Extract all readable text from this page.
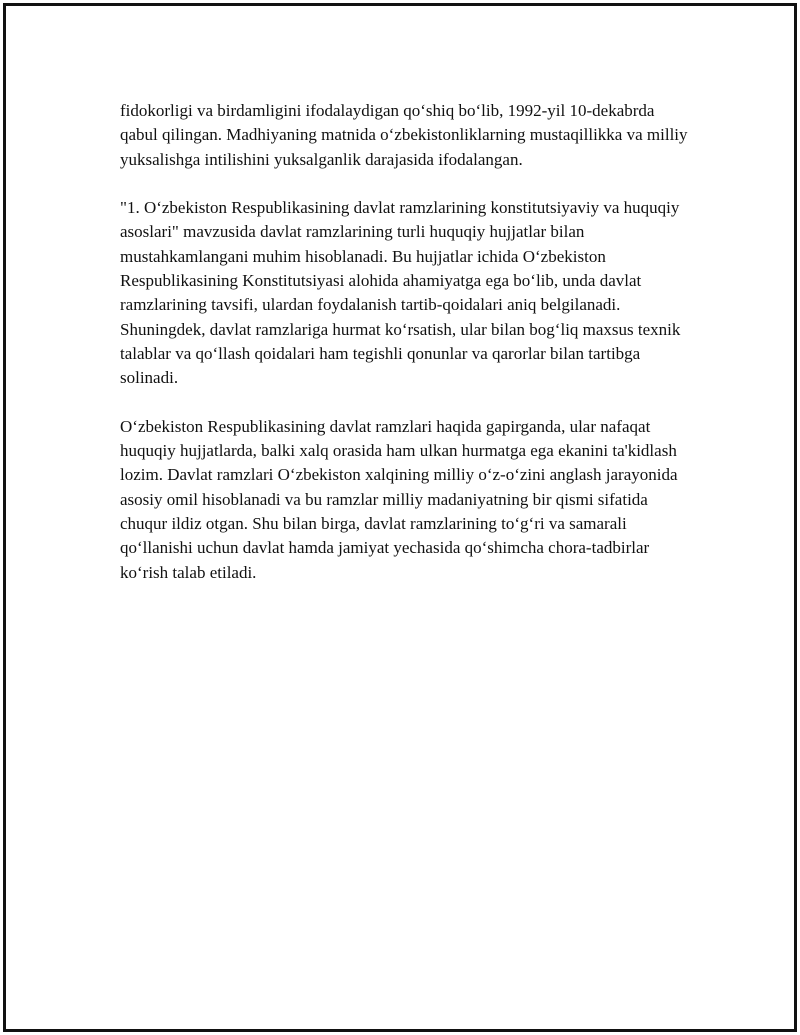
fidokorligi va birdamligini ifodalaydigan qoʻshiq boʻlib, 1992-yil 10-dekabrda qabul qilingan. Madhiyaning matnida oʻzbekistonliklarning mustaqillikka va milliy yuksalishga intilishini yuksalganlik darajasida ifodalangan.

"1. Oʻzbekiston Respublikasining davlat ramzlarining konstitutsiyaviy va huquqiy asoslari" mavzusida davlat ramzlarining turli huquqiy hujjatlar bilan mustahkamlangani muhim hisoblanadi. Bu hujjatlar ichida Oʻzbekiston Respublikasining Konstitutsiyasi alohida ahamiyatga ega boʻlib, unda davlat ramzlarining tavsifi, ulardan foydalanish tartib-qoidalari aniq belgilanadi. Shuningdek, davlat ramzlariga hurmat koʻrsatish, ular bilan bogʻliq maxsus texnik talablar va qoʻllash qoidalari ham tegishli qonunlar va qarorlar bilan tartibga solinadi.

Oʻzbekiston Respublikasining davlat ramzlari haqida gapirganda, ular nafaqat huquqiy hujjatlarda, balki xalq orasida ham ulkan hurmatga ega ekanini ta'kidlash lozim. Davlat ramzlari Oʻzbekiston xalqining milliy oʻz-oʻzini anglash jarayonida asosiy omil hisoblanadi va bu ramzlar milliy madaniyatning bir qismi sifatida chuqur ildiz otgan. Shu bilan birga, davlat ramzlarining toʻgʻri va samarali qoʻllanishi uchun davlat hamda jamiyat yechasida qoʻshimcha chora-tadbirlar koʻrish talab etiladi.
